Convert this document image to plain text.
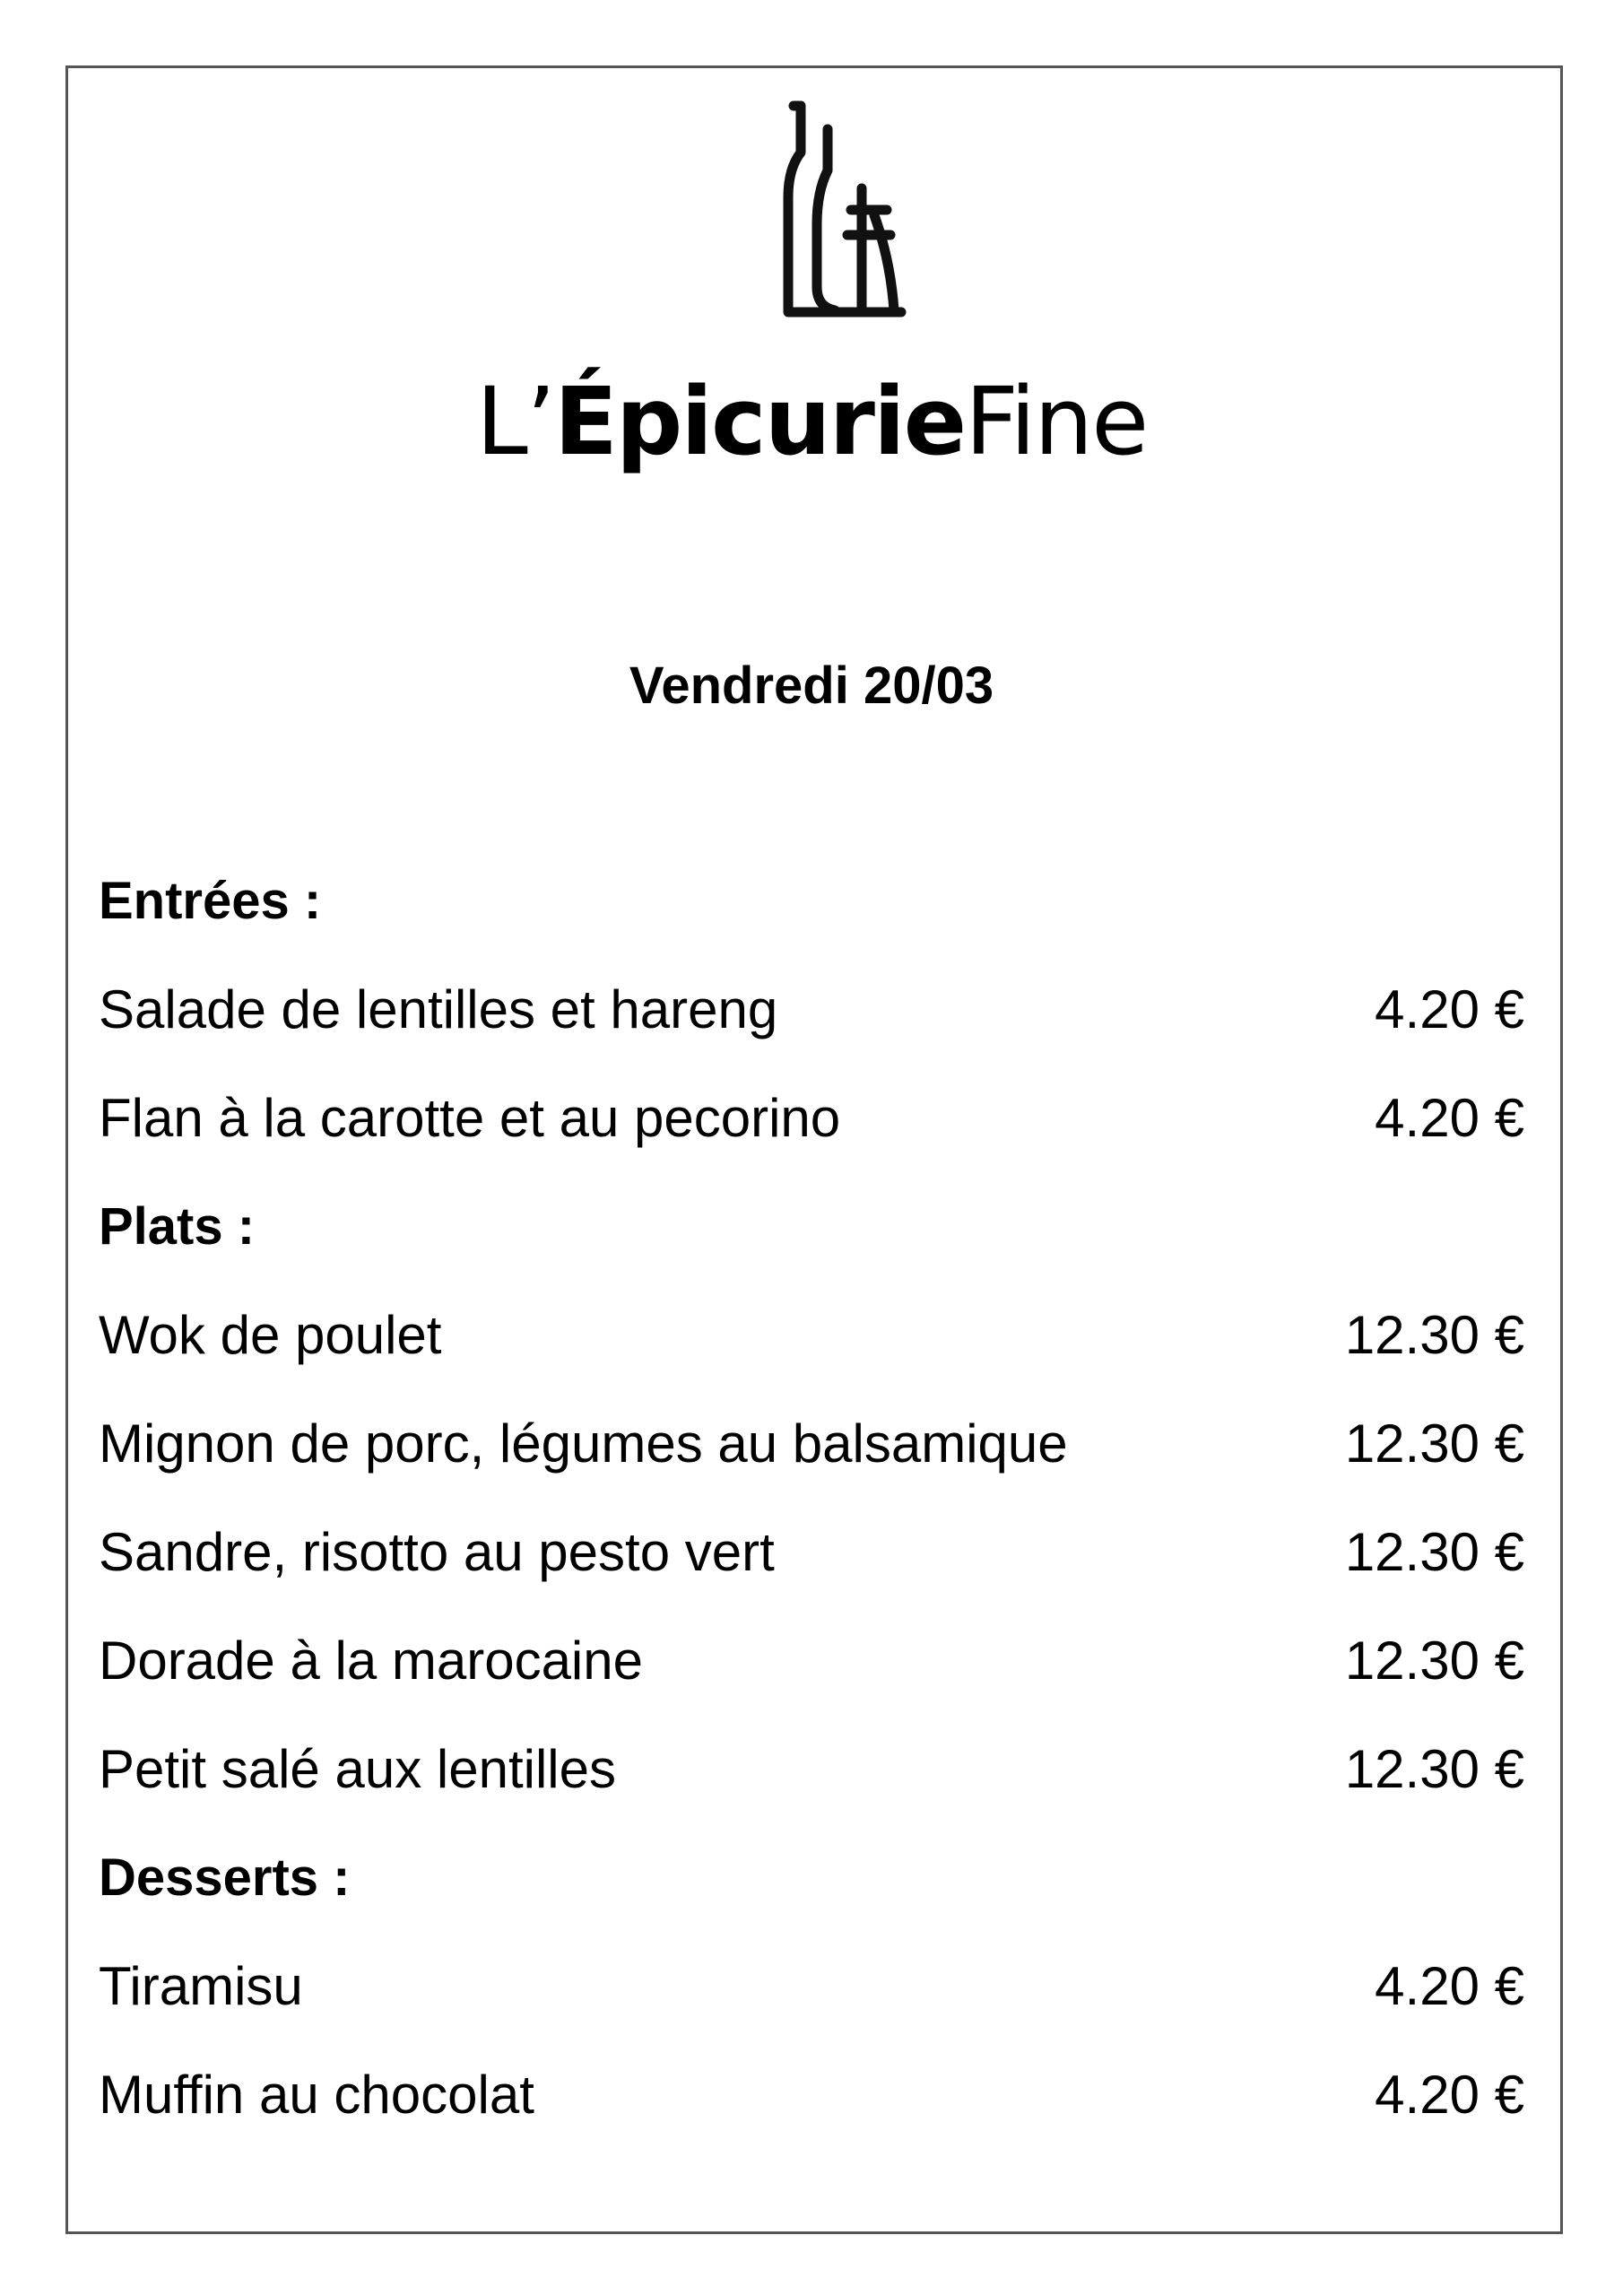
L’ÉpicurieFine
Vendredi 20/03
Entrées :
Salade de lentilles et hareng	4.20 €
Flan à la carotte et au pecorino	4.20 €
Plats :
Wok de poulet	12.30 €
Mignon de porc, légumes au balsamique	12.30 €
Sandre, risotto au pesto vert	12.30 €
Dorade à la marocaine	12.30 €
Petit salé aux lentilles	12.30 €
Desserts :
Tiramisu	4.20 €
Muffin au chocolat	4.20 €
